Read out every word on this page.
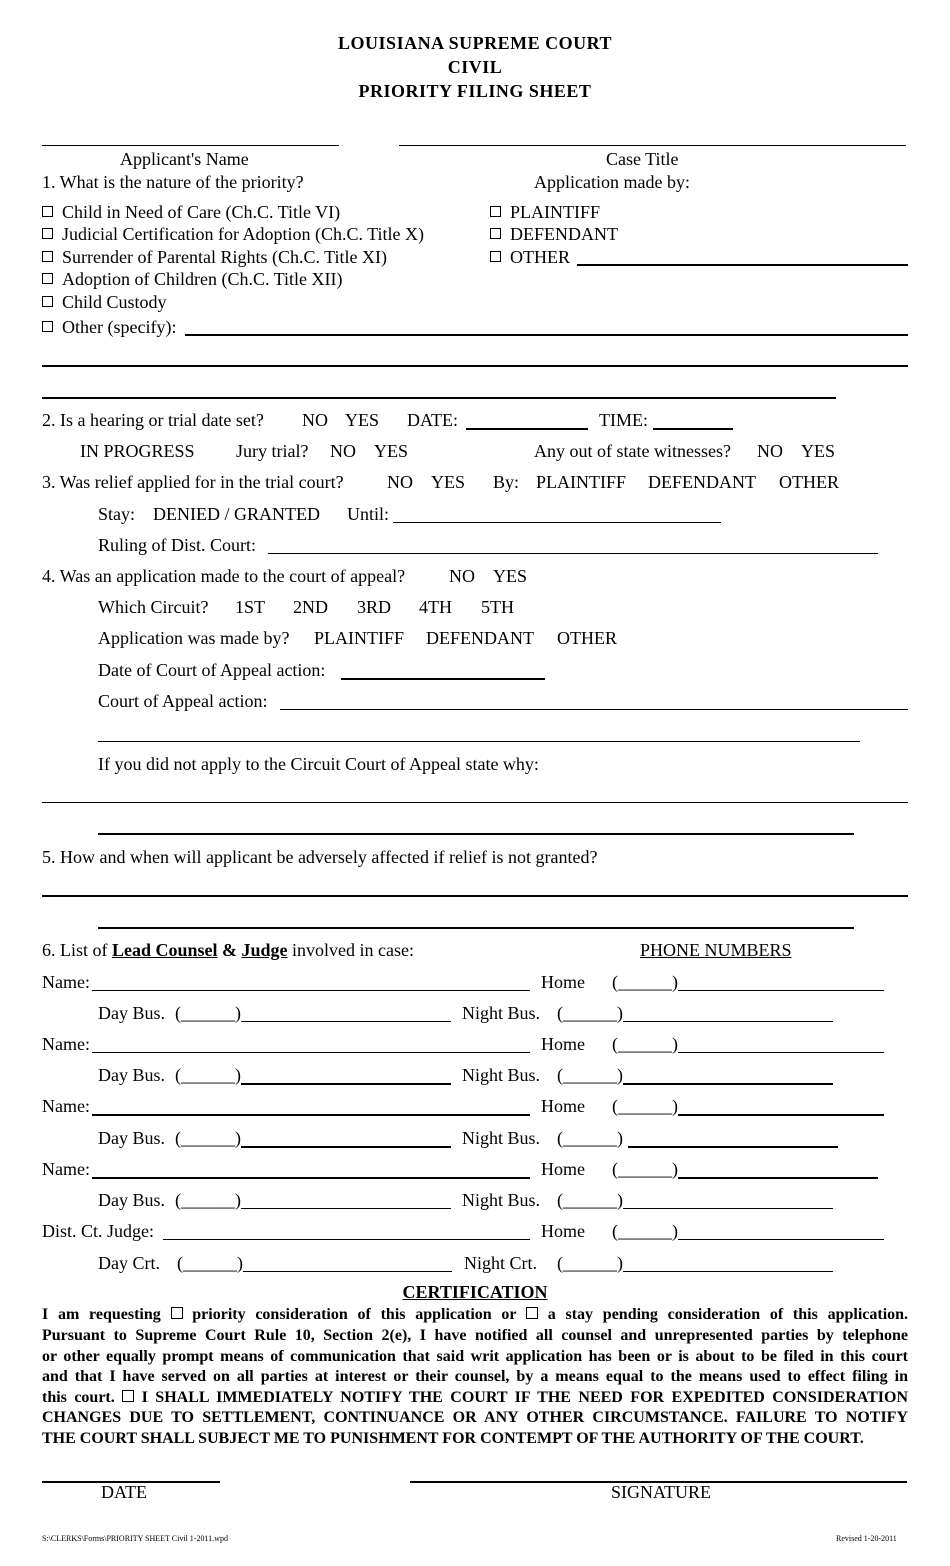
LOUISIANA SUPREME COURT
CIVIL
PRIORITY FILING SHEET
Applicant's Name	Case Title
1. What is the nature of the priority?	Application made by:
Child in Need of Care (Ch.C. Title VI)
Judicial Certification for Adoption (Ch.C. Title X)
Surrender of Parental Rights (Ch.C. Title XI)
Adoption of Children (Ch.C. Title XII)
Child Custody
Other (specify):
PLAINTIFF
DEFENDANT
OTHER
2. Is a hearing or trial date set? NO YES DATE:	TIME:
IN PROGRESS Jury trial? NO YES	Any out of state witnesses? NO YES
3. Was relief applied for in the trial court? NO YES By: PLAINTIFF DEFENDANT OTHER
Stay: DENIED / GRANTED Until:
Ruling of Dist. Court:
4. Was an application made to the court of appeal? NO YES
Which Circuit? 1ST 2ND 3RD 4TH 5TH
Application was made by? PLAINTIFF DEFENDANT OTHER
Date of Court of Appeal action:
Court of Appeal action:
If you did not apply to the Circuit Court of Appeal state why:
5. How and when will applicant be adversely affected if relief is not granted?
6. List of Lead Counsel & Judge involved in case:	PHONE NUMBERS
Name:	Home (______)
Day Bus. (______)	Night Bus. (______)
Name:	Home (______)
Day Bus. (______)	Night Bus. (______)
Name:	Home (______)
Day Bus. (______)	Night Bus. (______)
Name:	Home (______)
Day Bus. (______)	Night Bus. (______)
Dist. Ct. Judge:	Home (______)
Day Crt. (______)	Night Crt. (______)
CERTIFICATION
I am requesting priority consideration of this application or a stay pending consideration of this application.
Pursuant to Supreme Court Rule 10, Section 2(e), I have notified all counsel and unrepresented parties by telephone
or other equally prompt means of communication that said writ application has been or is about to be filed in this court
and that I have served on all parties at interest or their counsel, by a means equal to the means used to effect filing in
this court. I SHALL IMMEDIATELY NOTIFY THE COURT IF THE NEED FOR EXPEDITED CONSIDERATION
CHANGES DUE TO SETTLEMENT, CONTINUANCE OR ANY OTHER CIRCUMSTANCE. FAILURE TO NOTIFY
THE COURT SHALL SUBJECT ME TO PUNISHMENT FOR CONTEMPT OF THE AUTHORITY OF THE COURT.
DATE	SIGNATURE
S:\CLERKS\Forms\PRIORITY SHEET Civil 1-2011.wpd	Revised 1-20-2011
